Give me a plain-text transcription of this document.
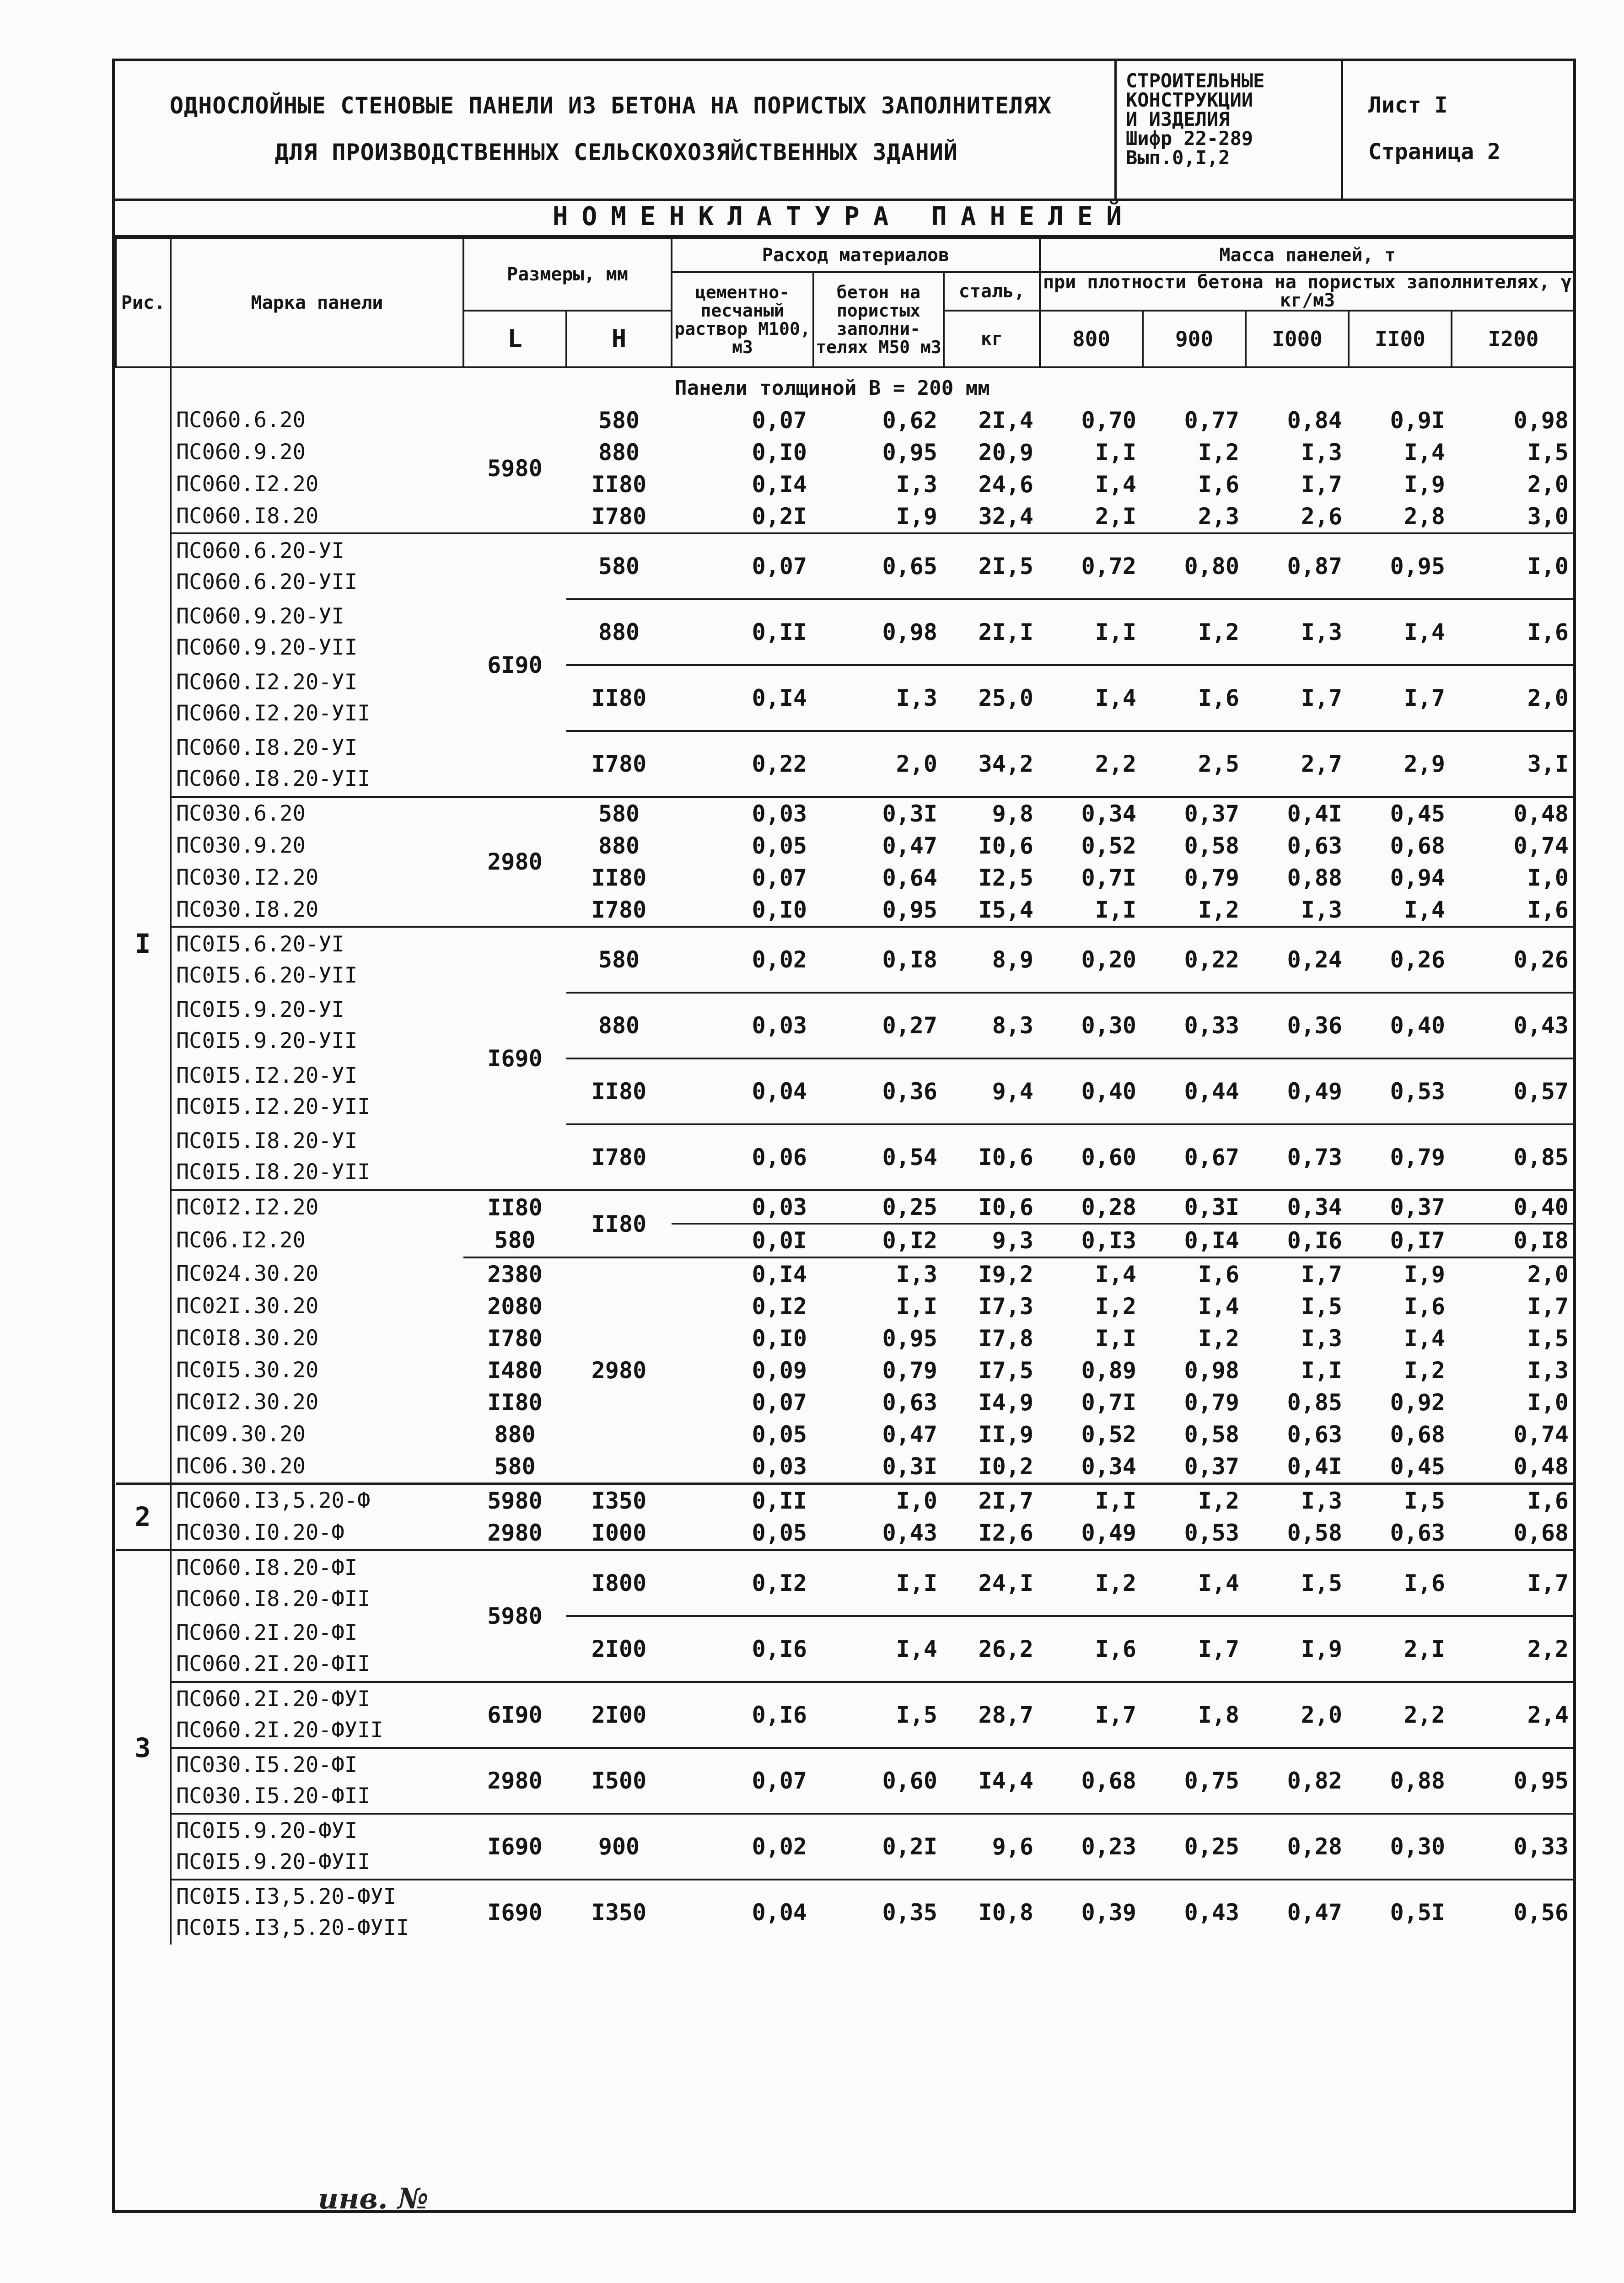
ОДНОСЛОЙНЫЕ СТЕНОВЫЕ ПАНЕЛИ ИЗ БЕТОНА НА ПОРИСТЫХ ЗАПОЛНИТЕЛЯХ
ДЛЯ ПРОИЗВОДСТВЕННЫХ СЕЛЬСКОХОЗЯЙСТВЕННЫХ ЗДАНИЙ
СТРОИТЕЛЬНЫЕ
КОНСТРУКЦИИ
И ИЗДЕЛИЯ
Шифр 22-289
Вып.0,I,2
Лист I
Страница 2
НОМЕНКЛАТУРА ПАНЕЛЕЙ
Рис.	Марка панели	Размеры, мм		Расход материалов			Масса панелей, т				
				цементно-песчаный раствор М100, м3	бетон на пористых заполни-телях М50 м3	сталь,	при плотности бетона на пористых заполнителях, γ кг/м3				
		L	H			кг	800	900	I000	II00	I200
	Панели толщиной B = 200 мм										
I	ПС060.6.20	5980	580	0,07	0,62	2I,4	0,70	0,77	0,84	0,9I	0,98

	ПС060.9.20		880	0,I0	0,95	20,9	I,I	I,2	I,3	I,4	I,5

	ПС060.I2.20		II80	0,I4	I,3	24,6	I,4	I,6	I,7	I,9	2,0

	ПС060.I8.20		I780	0,2I	I,9	32,4	2,I	2,3	2,6	2,8	3,0

	ПС060.6.20-УI
ПС060.6.20-УII	6I90	580	0,07	0,65	2I,5	0,72	0,80	0,87	0,95	I,0

	ПС060.9.20-УI
ПС060.9.20-УII		880	0,II	0,98	2I,I	I,I	I,2	I,3	I,4	I,6

	ПС060.I2.20-УI
ПС060.I2.20-УII		II80	0,I4	I,3	25,0	I,4	I,6	I,7	I,7	2,0

	ПС060.I8.20-УI
ПС060.I8.20-УII		I780	0,22	2,0	34,2	2,2	2,5	2,7	2,9	3,I

	ПС030.6.20	2980	580	0,03	0,3I	9,8	0,34	0,37	0,4I	0,45	0,48

	ПС030.9.20		880	0,05	0,47	I0,6	0,52	0,58	0,63	0,68	0,74

	ПС030.I2.20		II80	0,07	0,64	I2,5	0,7I	0,79	0,88	0,94	I,0

	ПС030.I8.20		I780	0,I0	0,95	I5,4	I,I	I,2	I,3	I,4	I,6

	ПС0I5.6.20-УI
ПС0I5.6.20-УII	I690	580	0,02	0,I8	8,9	0,20	0,22	0,24	0,26	0,26

	ПС0I5.9.20-УI
ПС0I5.9.20-УII		880	0,03	0,27	8,3	0,30	0,33	0,36	0,40	0,43

	ПС0I5.I2.20-УI
ПС0I5.I2.20-УII		II80	0,04	0,36	9,4	0,40	0,44	0,49	0,53	0,57

	ПС0I5.I8.20-УI
ПС0I5.I8.20-УII		I780	0,06	0,54	I0,6	0,60	0,67	0,73	0,79	0,85

	ПС0I2.I2.20	II80	II80	0,03	0,25	I0,6	0,28	0,3I	0,34	0,37	0,40

	ПС06.I2.20	580		0,0I	0,I2	9,3	0,I3	0,I4	0,I6	0,I7	0,I8

	ПС024.30.20	2380	2980	0,I4	I,3	I9,2	I,4	I,6	I,7	I,9	2,0

	ПС02I.30.20	2080		0,I2	I,I	I7,3	I,2	I,4	I,5	I,6	I,7

	ПС0I8.30.20	I780		0,I0	0,95	I7,8	I,I	I,2	I,3	I,4	I,5

	ПС0I5.30.20	I480		0,09	0,79	I7,5	0,89	0,98	I,I	I,2	I,3

	ПС0I2.30.20	II80		0,07	0,63	I4,9	0,7I	0,79	0,85	0,92	I,0

	ПС09.30.20	880		0,05	0,47	II,9	0,52	0,58	0,63	0,68	0,74

	ПС06.30.20	580		0,03	0,3I	I0,2	0,34	0,37	0,4I	0,45	0,48
2	ПС060.I3,5.20-Ф	5980	I350	0,II	I,0	2I,7	I,I	I,2	I,3	I,5	I,6

	ПС030.I0.20-Ф	2980	I000	0,05	0,43	I2,6	0,49	0,53	0,58	0,63	0,68
3	ПС060.I8.20-ФI
ПС060.I8.20-ФII	5980	I800	0,I2	I,I	24,I	I,2	I,4	I,5	I,6	I,7

	ПС060.2I.20-ФI
ПС060.2I.20-ФII		2I00	0,I6	I,4	26,2	I,6	I,7	I,9	2,I	2,2

	ПС060.2I.20-ФУI
ПС060.2I.20-ФУII	6I90	2I00	0,I6	I,5	28,7	I,7	I,8	2,0	2,2	2,4

	ПС030.I5.20-ФI
ПС030.I5.20-ФII	2980	I500	0,07	0,60	I4,4	0,68	0,75	0,82	0,88	0,95

	ПС0I5.9.20-ФУI
ПС0I5.9.20-ФУII	I690	900	0,02	0,2I	9,6	0,23	0,25	0,28	0,30	0,33

	ПС0I5.I3,5.20-ФУI
ПС0I5.I3,5.20-ФУII	I690	I350	0,04	0,35	I0,8	0,39	0,43	0,47	0,5I	0,56
инв. №
